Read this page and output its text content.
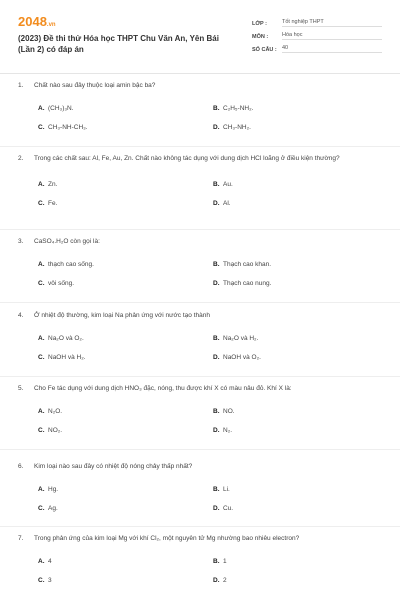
2048.vn
(2023) Đề thi thử Hóa học THPT Chu Văn An, Yên Bái (Lần 2) có đáp án
LỚP :	Tốt nghiệp THPT
MÔN :	Hóa học
SỐ CÂU : 40
1.	Chất nào sau đây thuộc loại amin bậc ba?
A. (CH₃)₃N.	B. C₂H₅-NH₂.
C. CH₃-NH-CH₃.	D. CH₃-NH₂.
2.	Trong các chất sau: Al, Fe, Au, Zn. Chất nào không tác dụng với dung dịch HCl loãng ở điều kiện thường?
A. Zn.	B. Au.
C. Fe.	D. Al.
3.	CaSO₄.H₂O còn gọi là:
A. thạch cao sống.	B. Thạch cao khan.
C. vôi sống.	D. Thạch cao nung.
4.	Ở nhiệt độ thường, kim loại Na phản ứng với nước tạo thành
A. Na₂O và O₂.	B. Na₂O và H₂.
C. NaOH và H₂.	D. NaOH và O₂.
5.	Cho Fe tác dụng với dung dịch HNO₃ đặc, nóng, thu được khí X có màu nâu đỏ. Khí X là:
A. N₂O.	B. NO.
C. NO₂.	D. N₂.
6.	Kim loại nào sau đây có nhiệt độ nóng chảy thấp nhất?
A. Hg.	B. Li.
C. Ag.	D. Cu.
7.	Trong phản ứng của kim loại Mg với khí Cl₂, một nguyên tử Mg nhường bao nhiêu electron?
A. 4	B. 1
C. 3	D. 2
